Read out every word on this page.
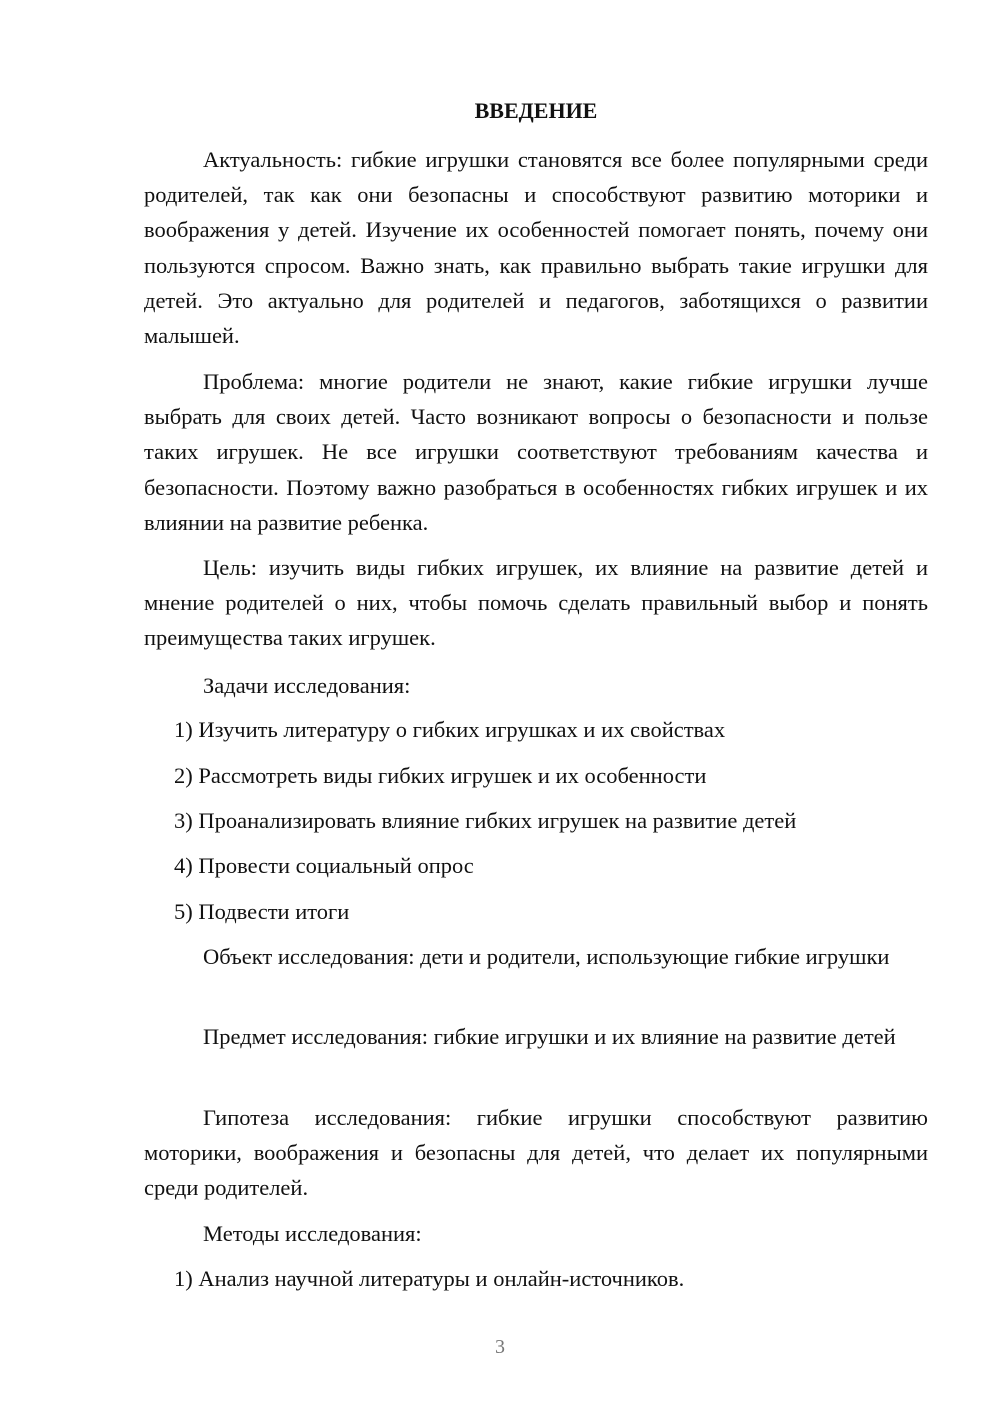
ВВЕДЕНИЕ

Актуальность: гибкие игрушки становятся все более популярными среди родителей, так как они безопасны и способствуют развитию моторики и воображения у детей. Изучение их особенностей помогает понять, почему они пользуются спросом. Важно знать, как правильно выбрать такие игрушки для детей. Это актуально для родителей и педагогов, заботящихся о развитии малышей.

Проблема: многие родители не знают, какие гибкие игрушки лучше выбрать для своих детей. Часто возникают вопросы о безопасности и пользе таких игрушек. Не все игрушки соответствуют требованиям качества и безопасности. Поэтому важно разобраться в особенностях гибких игрушек и их влиянии на развитие ребенка.

Цель: изучить виды гибких игрушек, их влияние на развитие детей и мнение родителей о них, чтобы помочь сделать правильный выбор и понять преимущества таких игрушек.

Задачи исследования:

1) Изучить литературу о гибких игрушках и их свойствах

2) Рассмотреть виды гибких игрушек и их особенности

3) Проанализировать влияние гибких игрушек на развитие детей

4) Провести социальный опрос

5) Подвести итоги

Объект исследования: дети и родители, использующие гибкие игрушки

Предмет исследования: гибкие игрушки и их влияние на развитие детей

Гипотеза исследования: гибкие игрушки способствуют развитию моторики, воображения и безопасны для детей, что делает их популярными среди родителей.

Методы исследования:

1) Анализ научной литературы и онлайн-источников.

3
